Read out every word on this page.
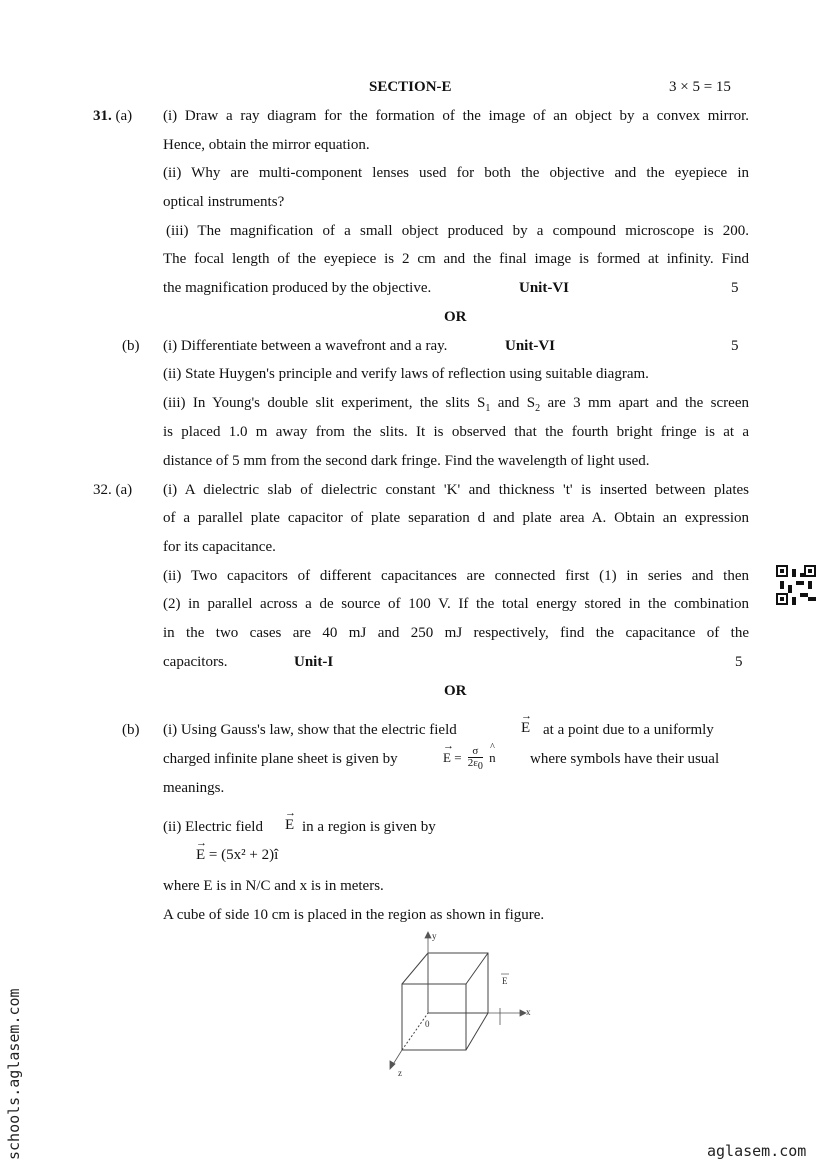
SECTION-E	3 × 5 = 15
31. (a) (i) Draw a ray diagram for the formation of the image of an object by a convex mirror.
Hence, obtain the mirror equation.
(ii) Why are multi-component lenses used for both the objective and the eyepiece in
optical instruments?
(iii) The magnification of a small object produced by a compound microscope is 200.
The focal length of the eyepiece is 2 cm and the final image is formed at infinity. Find
the magnification produced by the objective.	Unit-VI	5
OR
(b) (i) Differentiate between a wavefront and a ray.	Unit-VI	5
(ii) State Huygen's principle and verify laws of reflection using suitable diagram.
(iii) In Young's double slit experiment, the slits $S_1$ and $S_2$ are 3 mm apart and the screen
is placed 1.0 m away from the slits. It is observed that the fourth bright fringe is at a
distance of 5 mm from the second dark fringe. Find the wavelength of light used.
32. (a) (i) A dielectric slab of dielectric constant 'K' and thickness 't' is inserted between plates
of a parallel plate capacitor of plate separation d and plate area A. Obtain an expression
for its capacitance.
(ii) Two capacitors of different capacitances are connected first (1) in series and then
(2) in parallel across a de source of 100 V. If the total energy stored in the combination
in the two cases are 40 mJ and 250 mJ respectively, find the capacitance of the
capacitors.	Unit-I	5
OR
(b) (i) Using Gauss's law, show that the electric field	→ E at a point due to a uniformly
charged infinite plane sheet is given by	→ $E = \frac{\sigma}{2\varepsilon_0}$
^
n where symbols have their usual
meanings.
(ii) Electric field → E in a region is given by
→ E = (5x² + 2)î
where E is in N/C and x is in meters.
A cube of side 10 cm is placed in the region as shown in figure.
y
x
z
0
E
schools.aglasem.com	aglasem.com
